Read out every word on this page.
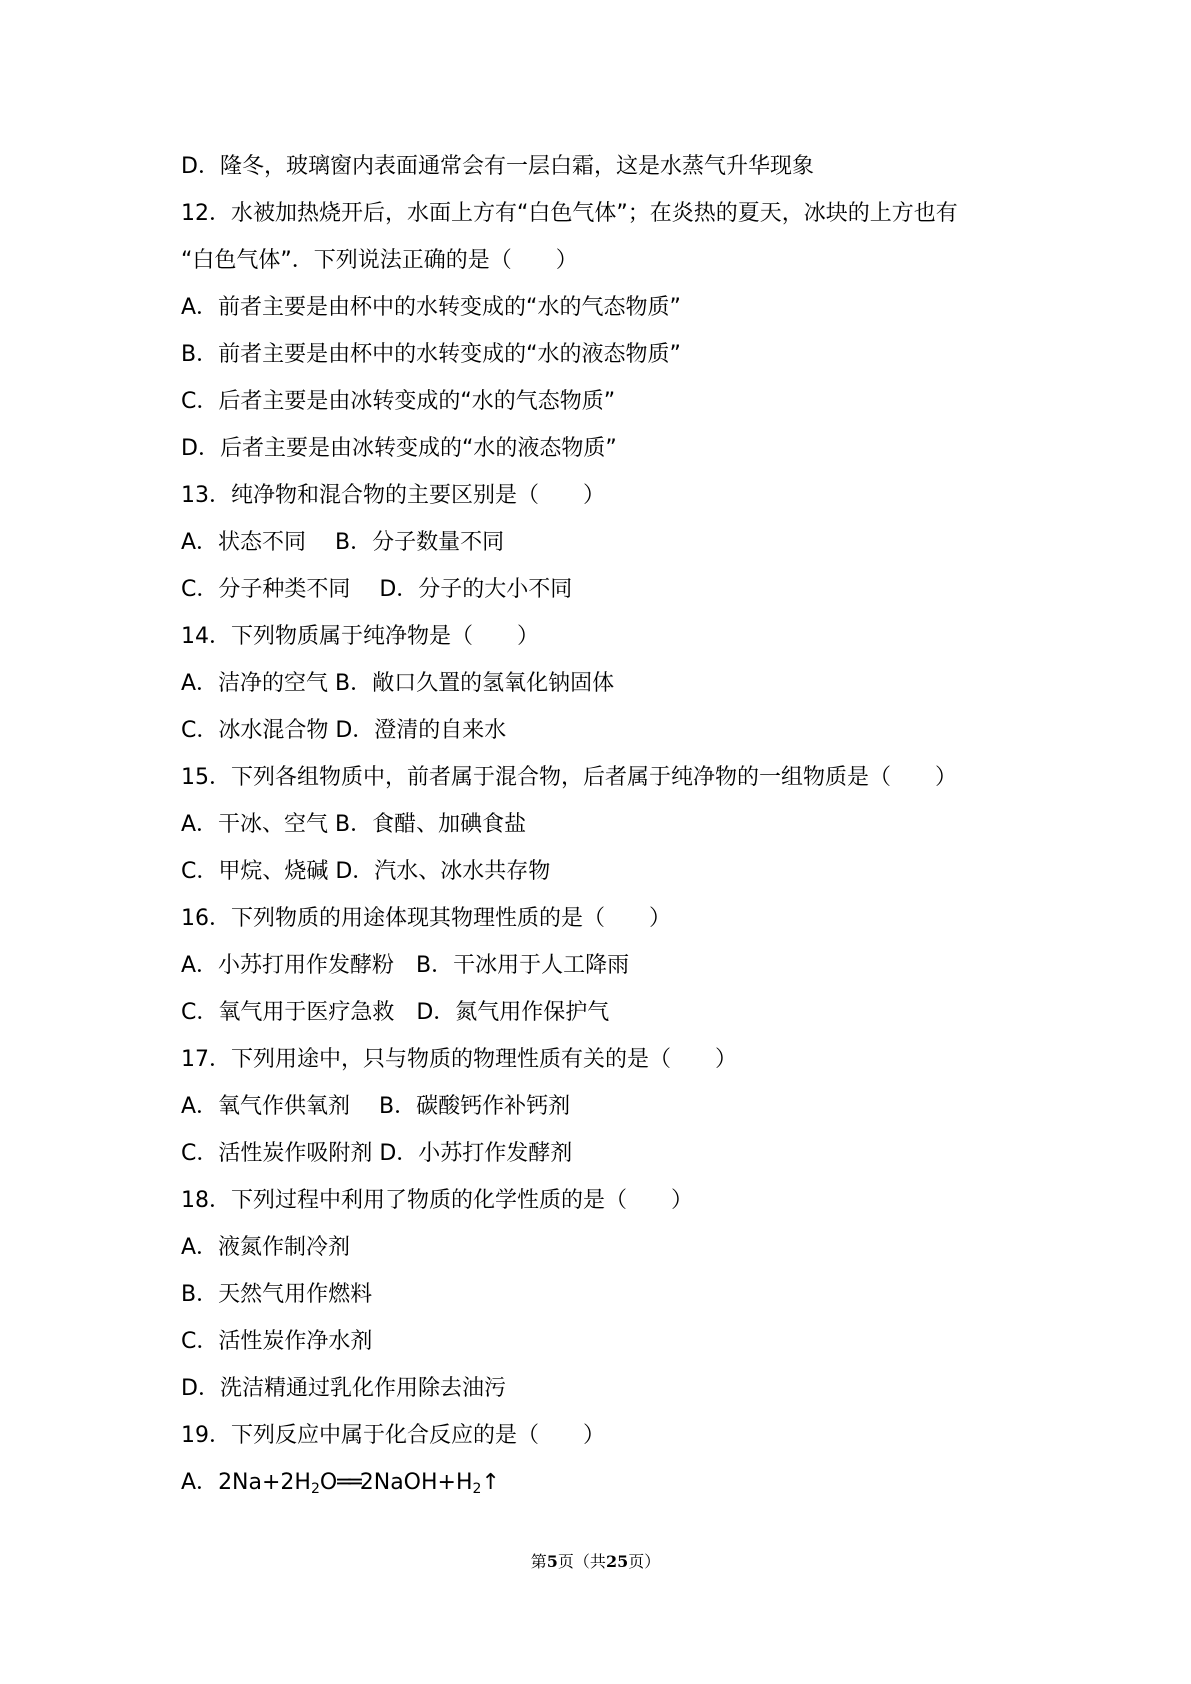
D．隆冬，玻璃窗内表面通常会有一层白霜，这是水蒸气升华现象
12．水被加热烧开后，水面上方有“白色气体”；在炎热的夏天，冰块的上方也有
“白色气体”．下列说法正确的是（　　）
A．前者主要是由杯中的水转变成的“水的气态物质”
B．前者主要是由杯中的水转变成的“水的液态物质”
C．后者主要是由冰转变成的“水的气态物质”
D．后者主要是由冰转变成的“水的液态物质”
13．纯净物和混合物的主要区别是（　　）
A．状态不同　 B．分子数量不同
C．分子种类不同　 D．分子的大小不同
14．下列物质属于纯净物是（　　）
A．洁净的空气 B．敞口久置的氢氧化钠固体
C．冰水混合物 D．澄清的自来水
15．下列各组物质中，前者属于混合物，后者属于纯净物的一组物质是（　　）
A．干冰、空气 B．食醋、加碘食盐
C．甲烷、烧碱 D．汽水、冰水共存物
16．下列物质的用途体现其物理性质的是（　　）
A．小苏打用作发酵粉　B．干冰用于人工降雨
C．氧气用于医疗急救　D．氮气用作保护气
17．下列用途中，只与物质的物理性质有关的是（　　）
A．氧气作供氧剂　 B．碳酸钙作补钙剂
C．活性炭作吸附剂 D．小苏打作发酵剂
18．下列过程中利用了物质的化学性质的是（　　）
A．液氮作制冷剂
B．天然气用作燃料
C．活性炭作净水剂
D．洗洁精通过乳化作用除去油污
19．下列反应中属于化合反应的是（　　）
A．$2Na+2H_2O══2NaOH+H_2↑$
第5页（共25页）
